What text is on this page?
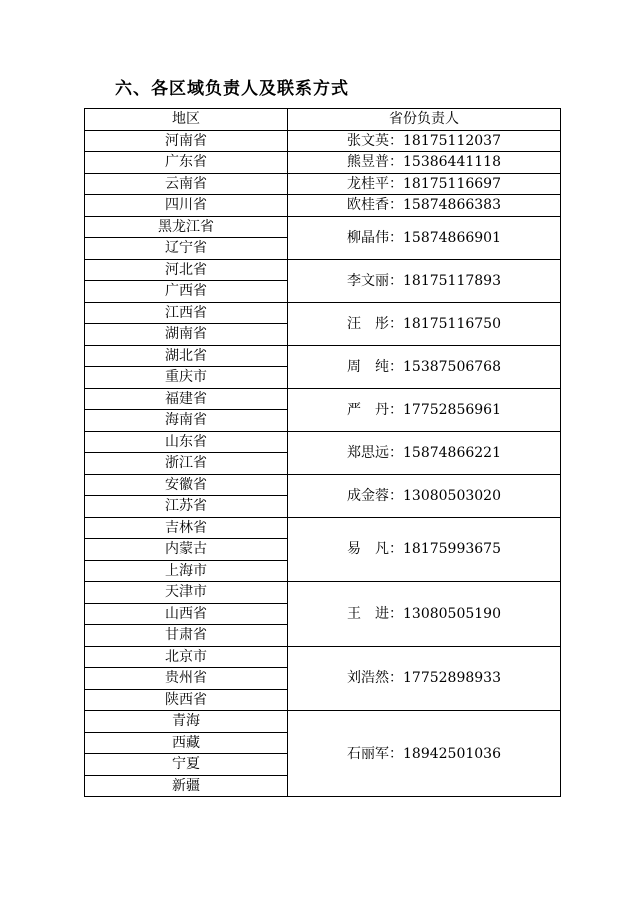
六、各区域负责人及联系方式
地区	省份负责人
河南省	张文英：18175112037
广东省	熊昱普：15386441118
云南省	龙桂平：18175116697
四川省	欧桂香：15874866383
黑龙江省	柳晶伟：15874866901
辽宁省	
河北省	李文丽：18175117893
广西省	
江西省	汪　彤：18175116750
湖南省	
湖北省	周　纯：15387506768
重庆市	
福建省	严　丹：17752856961
海南省	
山东省	郑思远：15874866221
浙江省	
安徽省	成金蓉：13080503020
江苏省	
吉林省	易　凡：18175993675
内蒙古	
上海市	
天津市	王　进：13080505190
山西省	
甘肃省	
北京市	刘浩然：17752898933
贵州省	
陕西省	
青海	石丽军：18942501036
西藏	
宁夏	
新疆	
